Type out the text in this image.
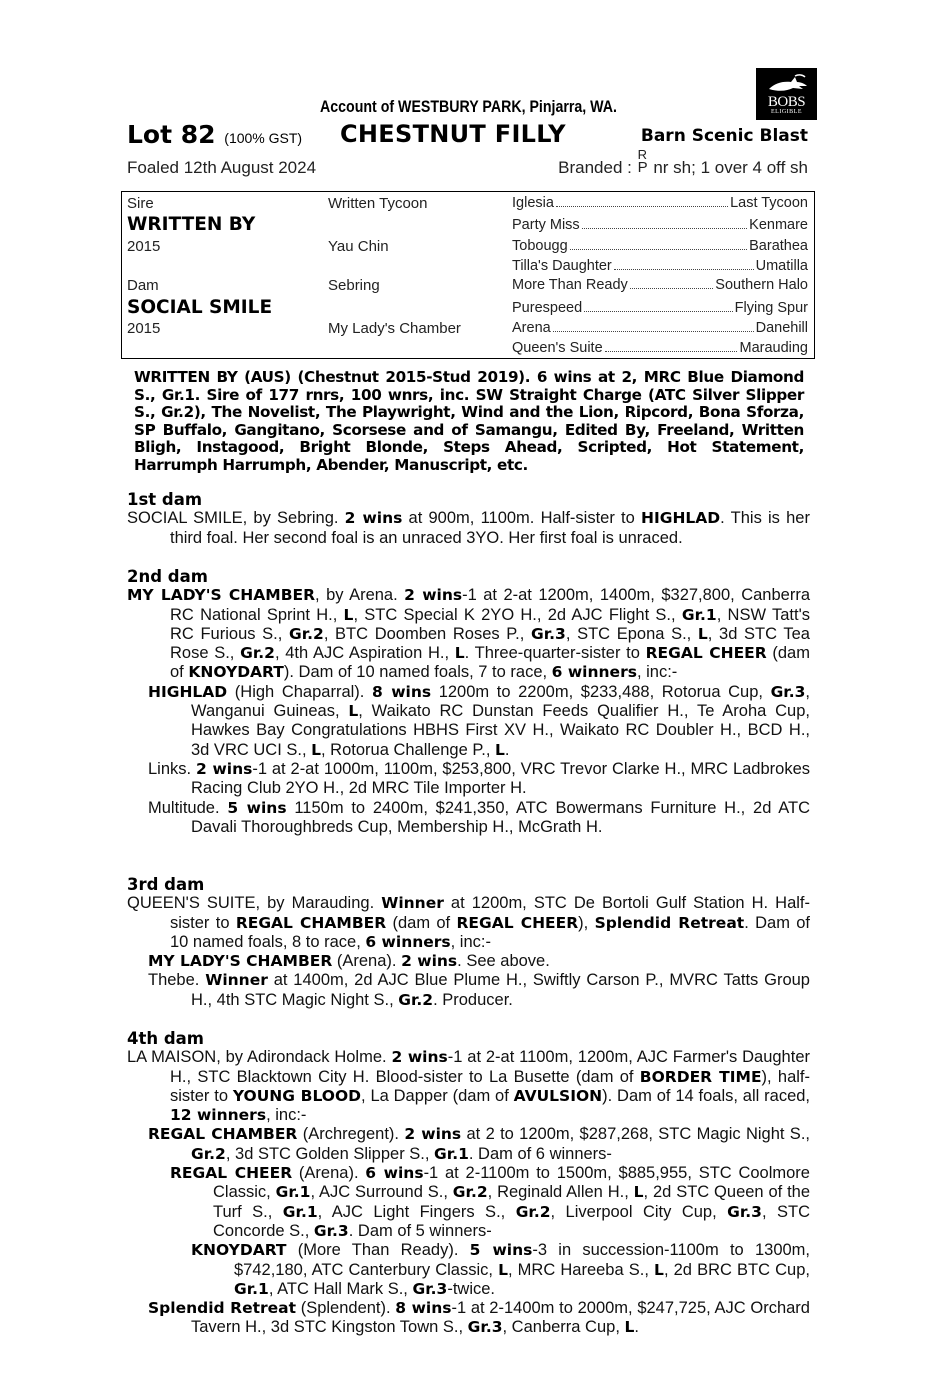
BOBS
ELIGIBLE
Account of WESTBURY PARK, Pinjarra, WA.
Lot 82 (100% GST) CHESTNUT FILLY	Barn Scenic Blast
Foaled 12th August 2024	Branded :
R
P nr sh; 1 over 4 off sh
Sire
WRITTEN BY
2015
Written Tycoon
Yau Chin
Dam
SOCIAL SMILE
2015
Sebring
My Lady's Chamber
Iglesia	Last Tycoon
Party Miss	Kenmare
Tobougg	Barathea
Tilla's Daughter	Umatilla
More Than Ready	Southern Halo
Purespeed	Flying Spur
Arena	Danehill
Queen's Suite	Marauding
WRITTEN BY (AUS) (Chestnut 2015-Stud 2019). 6 wins at 2, MRC Blue Diamond S., Gr.1. Sire of 177 rnrs, 100 wnrs, inc. SW Straight Charge (ATC Silver Slipper S., Gr.2), The Novelist, The Playwright, Wind and the Lion, Ripcord, Bona Sforza, SP Buffalo, Gangitano, Scorsese and of Samangu, Edited By, Freeland, Written Bligh, Instagood, Bright Blonde, Steps Ahead, Scripted, Hot Statement, Harrumph Harrumph, Abender, Manuscript, etc.
1st dam
SOCIAL SMILE, by Sebring. 2 wins at 900m, 1100m. Half-sister to HIGHLAD. This is her third foal. Her second foal is an unraced 3YO. Her first foal is unraced.
2nd dam
MY LADY'S CHAMBER, by Arena. 2 wins-1 at 2-at 1200m, 1400m, $327,800, Canberra RC National Sprint H., L, STC Special K 2YO H., 2d AJC Flight S., Gr.1, NSW Tatt's RC Furious S., Gr.2, BTC Doomben Roses P., Gr.3, STC Epona S., L, 3d STC Tea Rose S., Gr.2, 4th AJC Aspiration H., L. Three-quarter-sister to REGAL CHEER (dam of KNOYDART). Dam of 10 named foals, 7 to race, 6 winners, inc:-
HIGHLAD (High Chaparral). 8 wins 1200m to 2200m, $233,488, Rotorua Cup, Gr.3, Wanganui Guineas, L, Waikato RC Dunstan Feeds Qualifier H., Te Aroha Cup, Hawkes Bay Congratulations HBHS First XV H., Waikato RC Doubler H., BCD H., 3d VRC UCI S., L, Rotorua Challenge P., L.
Links. 2 wins-1 at 2-at 1000m, 1100m, $253,800, VRC Trevor Clarke H., MRC Ladbrokes Racing Club 2YO H., 2d MRC Tile Importer H.
Multitude. 5 wins 1150m to 2400m, $241,350, ATC Bowermans Furniture H., 2d ATC Davali Thoroughbreds Cup, Membership H., McGrath H.
3rd dam
QUEEN'S SUITE, by Marauding. Winner at 1200m, STC De Bortoli Gulf Station H. Half-sister to REGAL CHAMBER (dam of REGAL CHEER), Splendid Retreat. Dam of 10 named foals, 8 to race, 6 winners, inc:-
MY LADY'S CHAMBER (Arena). 2 wins. See above.
Thebe. Winner at 1400m, 2d AJC Blue Plume H., Swiftly Carson P., MVRC Tatts Group H., 4th STC Magic Night S., Gr.2. Producer.
4th dam
LA MAISON, by Adirondack Holme. 2 wins-1 at 2-at 1100m, 1200m, AJC Farmer's Daughter H., STC Blacktown City H. Blood-sister to La Busette (dam of BORDER TIME), half-sister to YOUNG BLOOD, La Dapper (dam of AVULSION). Dam of 14 foals, all raced, 12 winners, inc:-
REGAL CHAMBER (Archregent). 2 wins at 2 to 1200m, $287,268, STC Magic Night S., Gr.2, 3d STC Golden Slipper S., Gr.1. Dam of 6 winners-
REGAL CHEER (Arena). 6 wins-1 at 2-1100m to 1500m, $885,955, STC Coolmore Classic, Gr.1, AJC Surround S., Gr.2, Reginald Allen H., L, 2d STC Queen of the Turf S., Gr.1, AJC Light Fingers S., Gr.2, Liverpool City Cup, Gr.3, STC Concorde S., Gr.3. Dam of 5 winners-
KNOYDART (More Than Ready). 5 wins-3 in succession-1100m to 1300m, $742,180, ATC Canterbury Classic, L, MRC Hareeba S., L, 2d BRC BTC Cup, Gr.1, ATC Hall Mark S., Gr.3-twice.
Splendid Retreat (Splendent). 8 wins-1 at 2-1400m to 2000m, $247,725, AJC Orchard Tavern H., 3d STC Kingston Town S., Gr.3, Canberra Cup, L.
